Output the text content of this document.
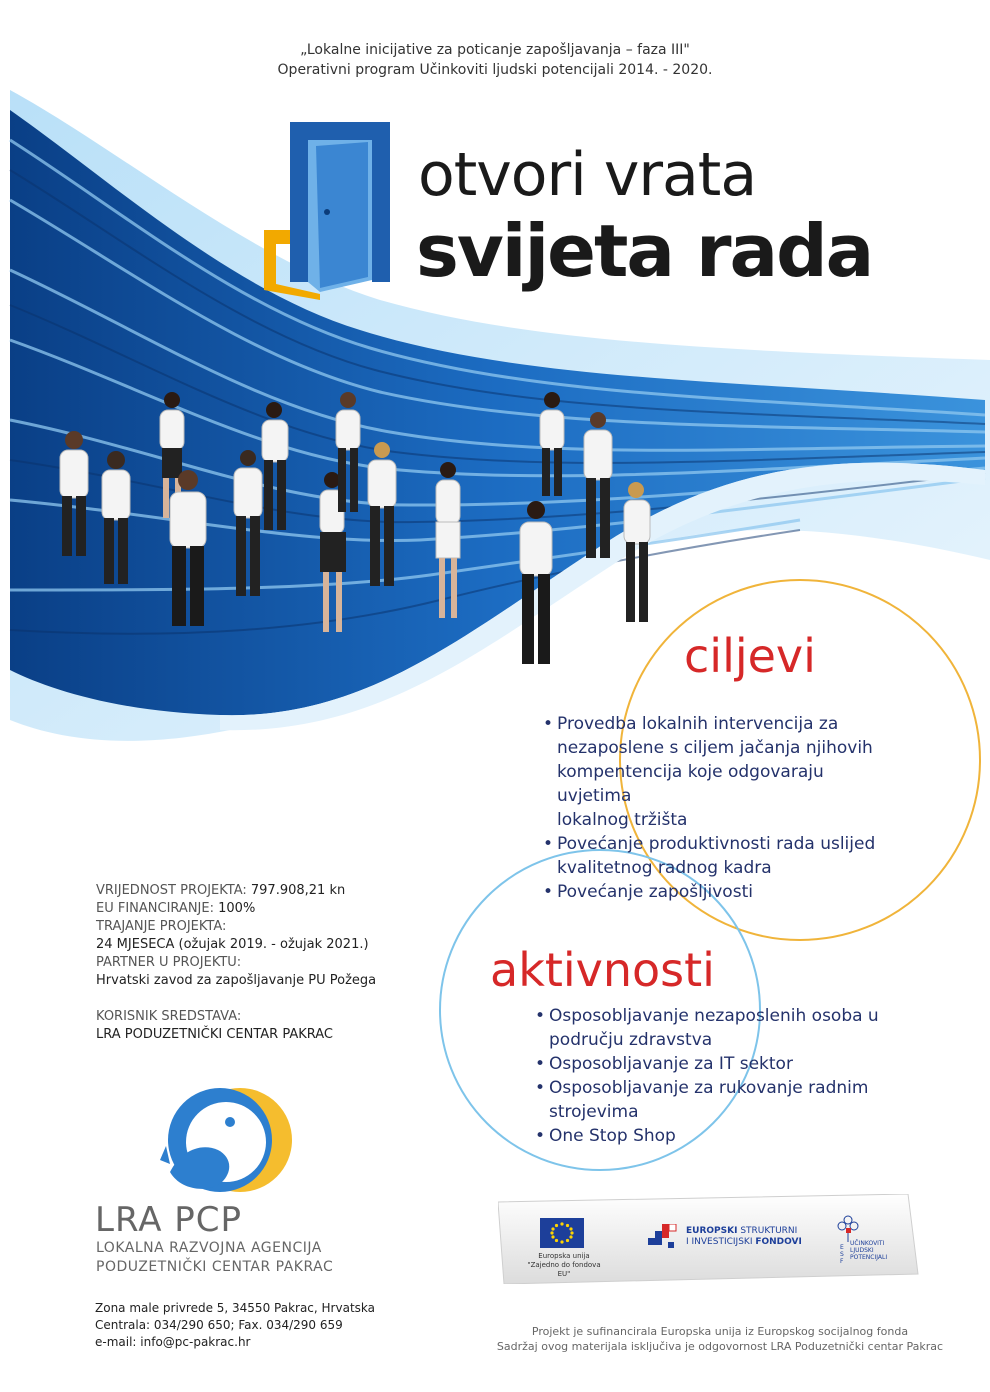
„Lokalne inicijative za poticanje zapošljavanja – faza III"
Operativni program Učinkoviti ljudski potencijali 2014. - 2020.
otvori vrata
svijeta rada
ciljevi
• Provedba lokalnih intervencija za
nezaposlene s ciljem jačanja njihovih
kompentencija koje odgovaraju uvjetima
lokalnog tržišta
• Povećanje produktivnosti rada uslijed
kvalitetnog radnog kadra
• Povećanje zapošljivosti
aktivnosti
• Osposobljavanje nezaposlenih osoba u
području zdravstva
• Osposobljavanje za IT sektor
• Osposobljavanje za rukovanje radnim
strojevima
• One Stop Shop
VRIJEDNOST PROJEKTA: 797.908,21 kn
EU FINANCIRANJE: 100%
TRAJANJE PROJEKTA:
24 MJESECA (ožujak 2019. - ožujak 2021.)
PARTNER U PROJEKTU:
Hrvatski zavod za zapošljavanje PU Požega
KORISNIK SREDSTAVA:
LRA PODUZETNIČKI CENTAR PAKRAC
LRA PCP
LOKALNA RAZVOJNA AGENCIJA
PODUZETNIČKI CENTAR PAKRAC
Zona male privrede 5, 34550 Pakrac, Hrvatska
Centrala: 034/290 650; Fax. 034/290 659
e-mail: info@pc-pakrac.hr
Europska unija
"Zajedno do fondova EU"
EUROPSKI STRUKTURNI
I INVESTICIJSKI FONDOVI
ESF
UČINKOVITI
LJUDSKI
POTENCIJALI
Projekt je sufinancirala Europska unija iz Europskog socijalnog fonda
Sadržaj ovog materijala isključiva je odgovornost LRA Poduzetnički centar Pakrac
